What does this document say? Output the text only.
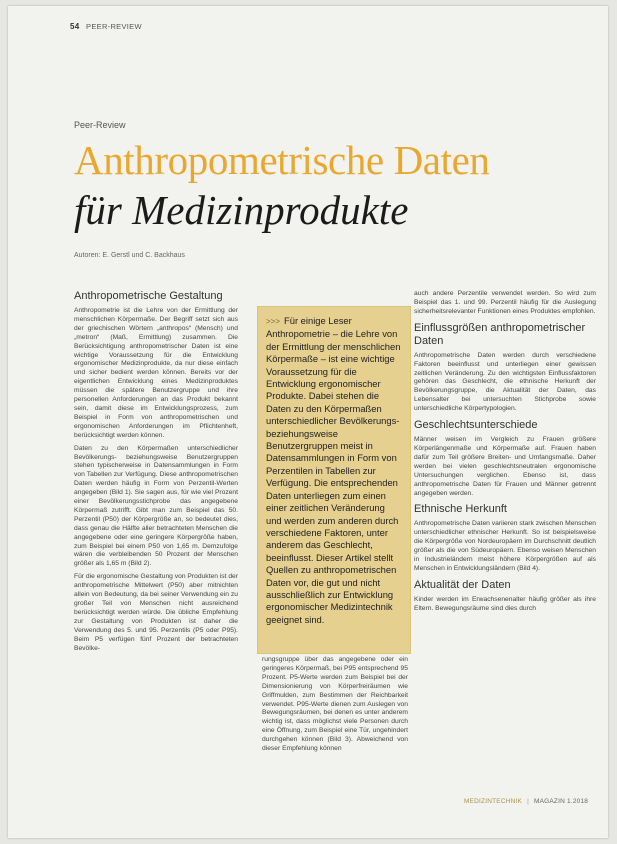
54 PEER-REVIEW
Peer-Review
Anthropometrische Daten
für Medizinprodukte
Autoren: E. Gerstl und C. Backhaus
Anthropometrische Gestaltung

Anthropometrie ist die Lehre von der Ermittlung der menschlichen Körpermaße. Der Begriff setzt sich aus der griechischen Wörtern „anthropos“ (Mensch) und „metron“ (Maß, Ermittlung) zusammen. Die Berücksichtigung anthropometrischer Daten ist eine wichtige Voraussetzung für die Entwicklung ergonomischer Medizinprodukte, da nur diese einfach und sicher bedient werden können. Bereits vor der eigentlichen Entwicklung eines Medizinproduktes müssen die spätere Benutzergruppe und ihre personellen Anforderungen an das Produkt bekannt sein, damit diese im Entwicklungsprozess, zum Beispiel in Form von anthropometrischen und ergonomischen Anforderungen im Pflichtenheft, berücksichtigt werden können.

Daten zu den Körpermaßen unterschiedlicher Bevölkerungs- beziehungsweise Benutzergruppen stehen typischerweise in Datensammlungen in Form von Tabellen zur Verfügung. Diese anthropometrischen Daten werden häufig in Form von Perzentil-Werten angegeben (Bild 1). Sie sagen aus, für wie viel Prozent einer Bevölkerungsstichprobe das angegebene Körpermaß zutrifft. Gibt man zum Beispiel das 50. Perzentil (P50) der Körpergröße an, so bedeutet dies, dass genau die Hälfte aller betrachteten Menschen die angegebene oder eine geringere Körpergröße haben, zum Beispiel bei einem P50 von 1,65 m. Demzufolge wären die verbleibenden 50 Prozent der Menschen größer als 1,65 m (Bild 2).

Für die ergonomische Gestaltung von Produkten ist der anthropometrische Mittelwert (P50) aber mitnichten allein von Bedeutung, da bei seiner Verwendung ein zu großer Teil von Menschen nicht ausreichend berücksichtigt werden würde. Die übliche Empfehlung zur Gestaltung von Produkten ist daher die Verwendung des 5. und 95. Perzentils (P5 oder P95). Beim P5 verfügen fünf Prozent der betrachteten Bevölke-

>>> Für einige Leser Anthropometrie – die Lehre von der Ermittlung der menschlichen Körpermaße – ist eine wichtige Voraussetzung für die Entwicklung ergonomischer Produkte. Dabei stehen die Daten zu den Körpermaßen unterschiedlicher Bevölkerungs- beziehungsweise Benutzergruppen meist in Datensammlungen in Form von Perzentilen in Tabellen zur Verfügung. Die entsprechenden Daten unterliegen zum einen einer zeitlichen Veränderung und werden zum anderen durch verschiedene Faktoren, unter anderem das Geschlecht, beeinflusst. Dieser Artikel stellt Quellen zu anthropometrischen Daten vor, die gut und nicht ausschließlich zur Entwicklung ergonomischer Medizintechnik geeignet sind.

rungsgruppe über das angegebene oder ein geringeres Körpermaß, bei P95 entsprechend 95 Prozent. P5-Werte werden zum Beispiel bei der Dimensionierung von Körperfreiräumen wie Griffmulden, zum Bestimmen der Reichbarkeit verwendet. P95-Werte dienen zum Auslegen von Bewegungsräumen, bei denen es unter anderem wichtig ist, dass möglichst viele Personen durch eine Öffnung, zum Beispiel eine Tür, ungehindert durchgehen können (Bild 3). Abweichend von dieser Empfehlung können

auch andere Perzentile verwendet werden. So wird zum Beispiel das 1. und 99. Perzentil häufig für die Auslegung sicherheitsrelevanter Funktionen eines Produktes empfohlen.

Einflussgrößen anthropometrischer Daten

Anthropometrische Daten werden durch verschiedene Faktoren beeinflusst und unterliegen einer gewissen zeitlichen Veränderung. Zu den wichtigsten Einflussfaktoren gehören das Geschlecht, die ethnische Herkunft der Bevölkerungsgruppe, die Aktualität der Daten, das Lebensalter bei untersuchten Stichprobe sowie unterschiedliche Körpertypologien.

Geschlechtsunterschiede

Männer weisen im Vergleich zu Frauen größere Körperlängenmaße und Körpermaße auf. Frauen haben dafür zum Teil größere Breiten- und Umfangsmaße. Daher werden bei vielen geschlechtsneutralen ergonomische Untersuchungen verglichen. Ebenso ist, dass anthropometrische Daten für Frauen und Männer getrennt angegeben werden.

Ethnische Herkunft

Anthropometrische Daten variieren stark zwischen Menschen unterschiedlicher ethnischer Herkunft. So ist beispielsweise die Körpergröße von Nordeuropäern im Durchschnitt deutlich größer als die von Südeuropäern. Ebenso weisen Menschen in Industrieländern meist höhere Körpergrößen auf als Menschen in Entwicklungsländern (Bild 4).

Aktualität der Daten

Kinder werden im Erwachsenenalter häufig größer als ihre Eltern. Bewegungsräume sind dies durch

MEDIZINTECHNIK | MAGAZIN 1.2018
